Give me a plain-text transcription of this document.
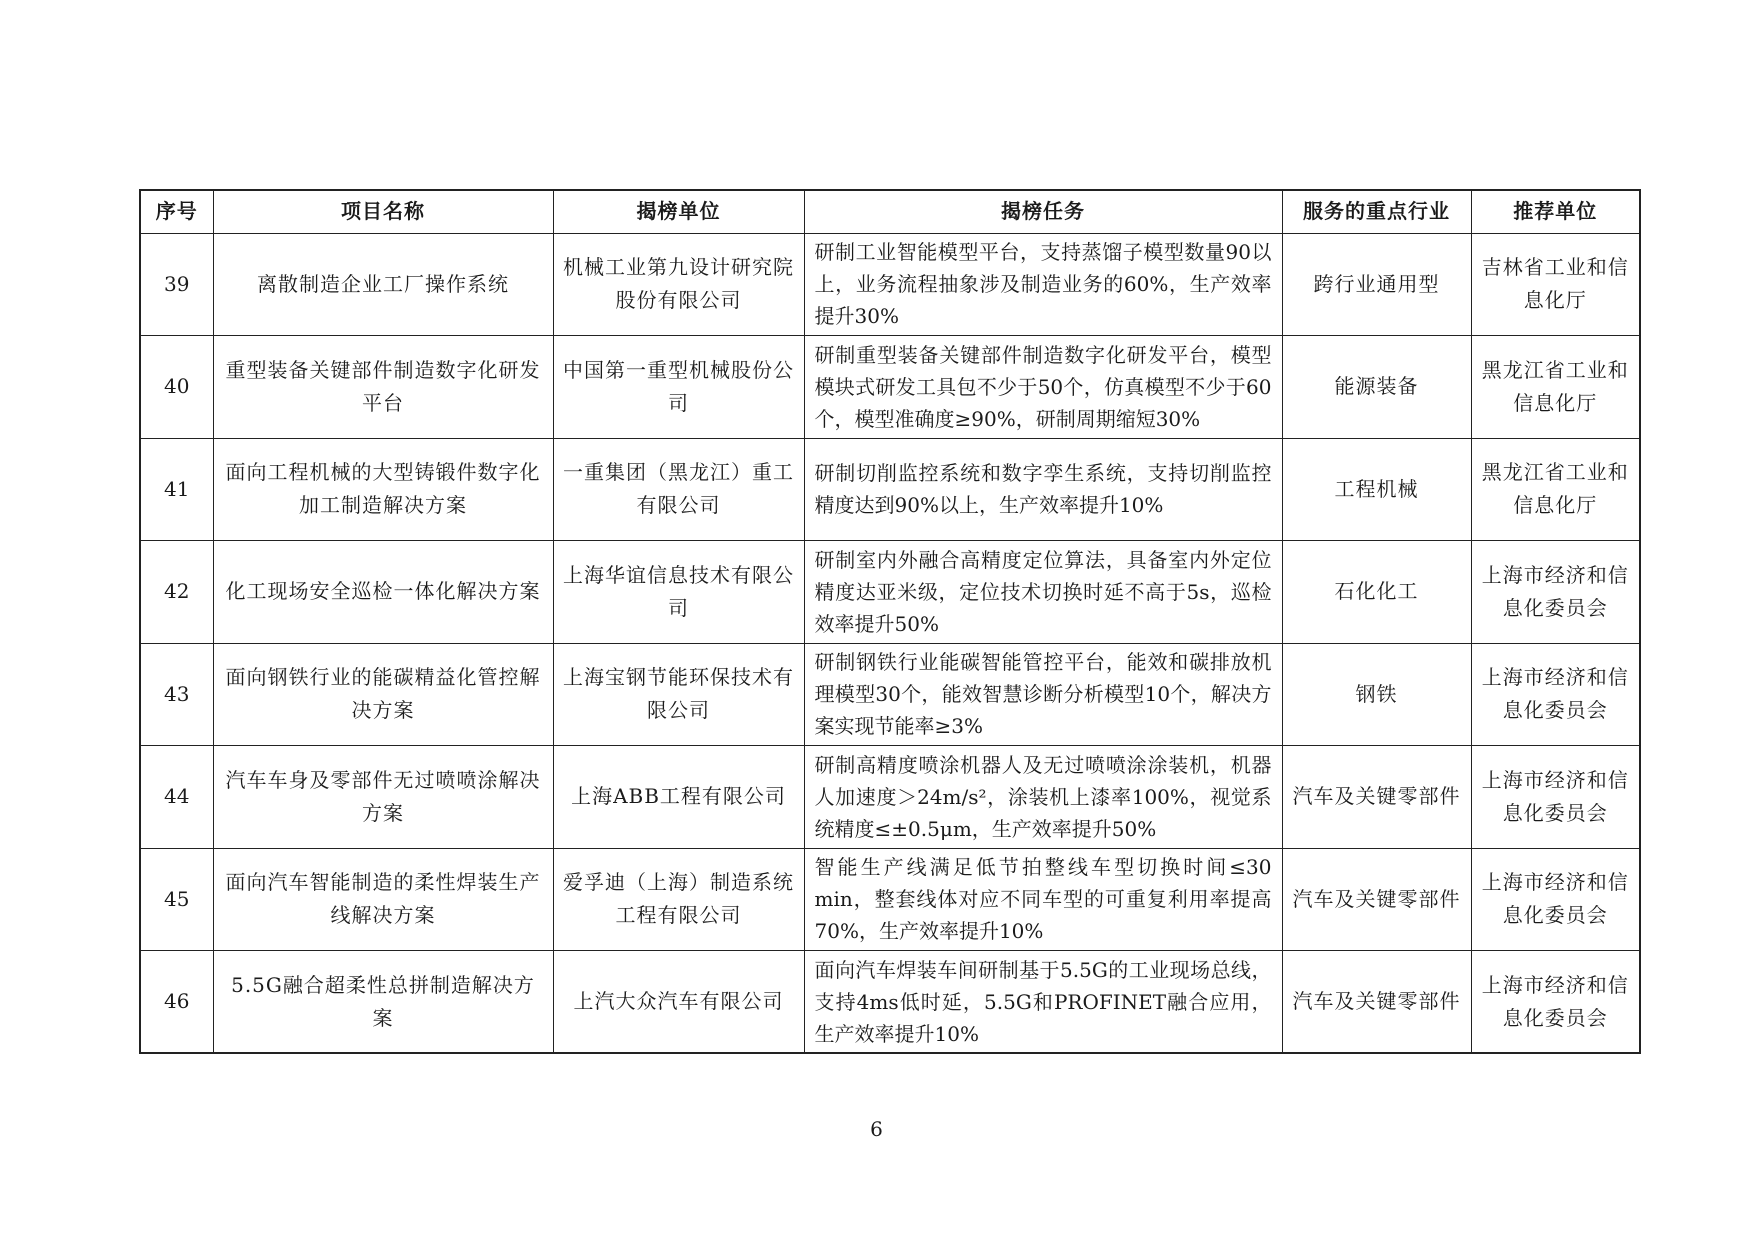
序号	项目名称	揭榜单位	揭榜任务	服务的重点行业	推荐单位
39	离散制造企业工厂操作系统	机械工业第九设计研究院股份有限公司	研制工业智能模型平台，支持蒸馏子模型数量90以上，业务流程抽象涉及制造业务的60%，生产效率提升30%	跨行业通用型	吉林省工业和信息化厅
40	重型装备关键部件制造数字化研发平台	中国第一重型机械股份公司	研制重型装备关键部件制造数字化研发平台，模型模块式研发工具包不少于50个，仿真模型不少于60个，模型准确度≥90%，研制周期缩短30%	能源装备	黑龙江省工业和信息化厅
41	面向工程机械的大型铸锻件数字化加工制造解决方案	一重集团（黑龙江）重工有限公司	研制切削监控系统和数字孪生系统，支持切削监控精度达到90%以上，生产效率提升10%	工程机械	黑龙江省工业和信息化厅
42	化工现场安全巡检一体化解决方案	上海华谊信息技术有限公司	研制室内外融合高精度定位算法，具备室内外定位精度达亚米级，定位技术切换时延不高于5s，巡检效率提升50%	石化化工	上海市经济和信息化委员会
43	面向钢铁行业的能碳精益化管控解决方案	上海宝钢节能环保技术有限公司	研制钢铁行业能碳智能管控平台，能效和碳排放机理模型30个，能效智慧诊断分析模型10个，解决方案实现节能率≥3%	钢铁	上海市经济和信息化委员会
44	汽车车身及零部件无过喷喷涂解决方案	上海ABB工程有限公司	研制高精度喷涂机器人及无过喷喷涂涂装机，机器人加速度＞24m/s²，涂装机上漆率100%，视觉系统精度≤±0.5μm，生产效率提升50%	汽车及关键零部件	上海市经济和信息化委员会
45	面向汽车智能制造的柔性焊装生产线解决方案	爱孚迪（上海）制造系统工程有限公司	智能生产线满足低节拍整线车型切换时间≤30 min，整套线体对应不同车型的可重复利用率提高70%，生产效率提升10%	汽车及关键零部件	上海市经济和信息化委员会
46	5.5G融合超柔性总拼制造解决方案	上汽大众汽车有限公司	面向汽车焊装车间研制基于5.5G的工业现场总线，支持4ms低时延，5.5G和PROFINET融合应用，生产效率提升10%	汽车及关键零部件	上海市经济和信息化委员会
6
